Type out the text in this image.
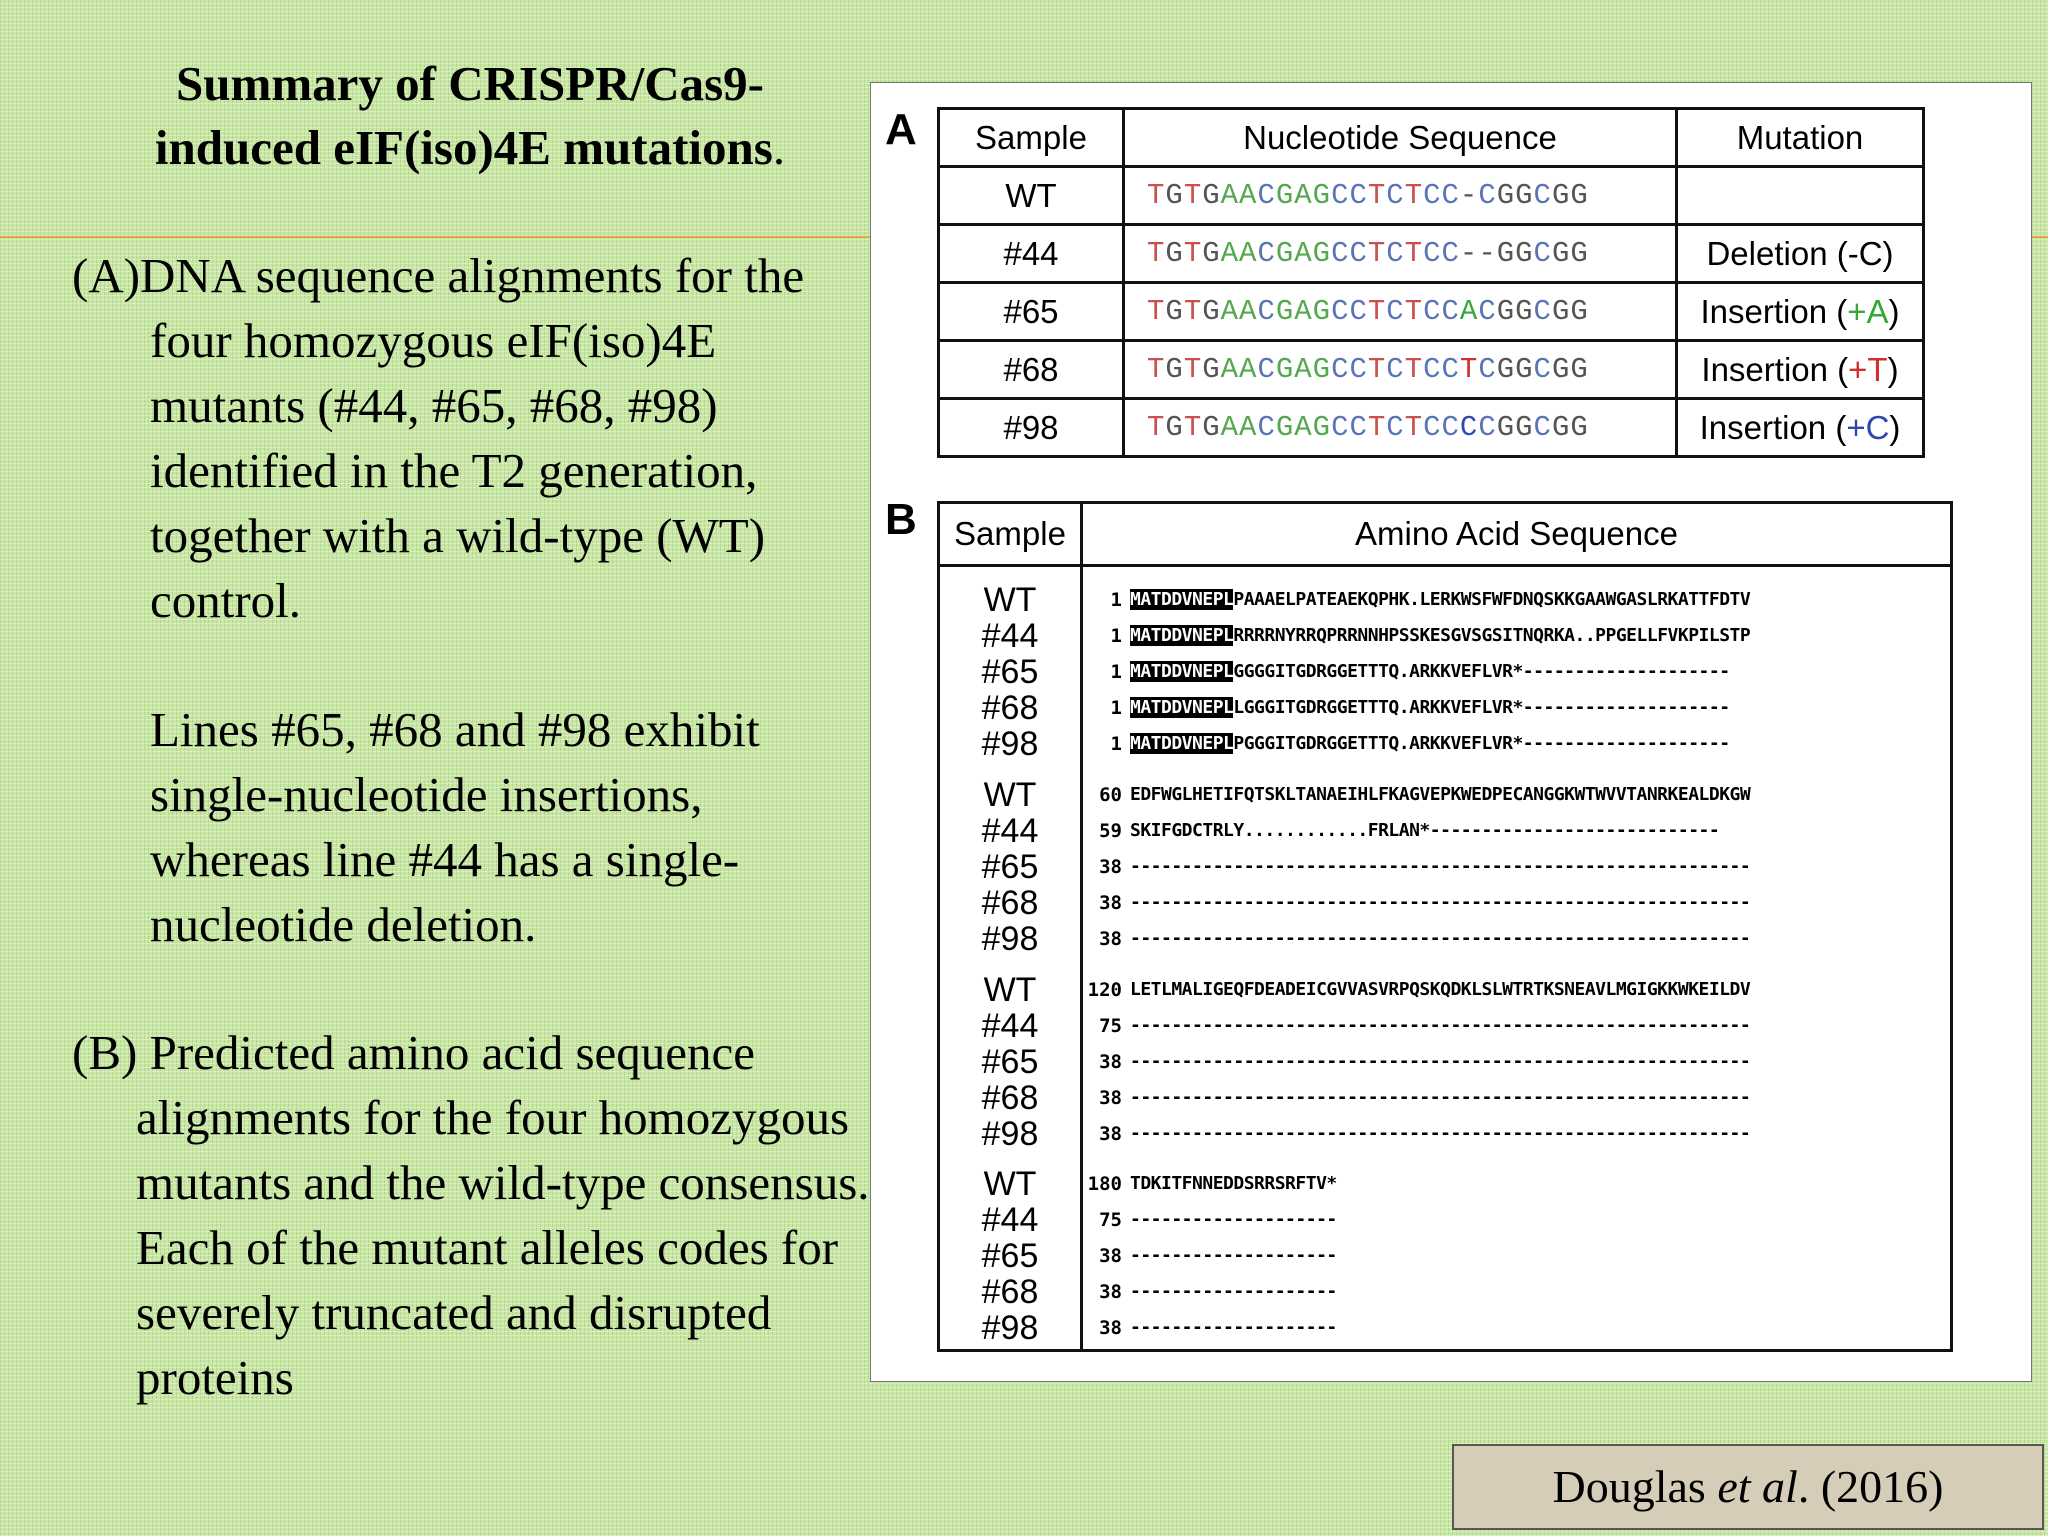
Summary of CRISPR/Cas9-
induced eIF(iso)4E mutations.

(A)DNA sequence alignments for the four homozygous eIF(iso)4E mutants (#44, #65, #68, #98) identified in the T2 generation, together with a wild-type (WT) control.

Lines #65, #68 and #98 exhibit single-nucleotide insertions, whereas line #44 has a single-nucleotide deletion.

(B) Predicted amino acid sequence alignments for the four homozygous mutants and the wild-type consensus. Each of the mutant alleles codes for severely truncated and disrupted proteins

A Sample	Nucleotide Sequence	Mutation
WT	TGTGAACGAGCCTCTCC-CGGCGG	
#44	TGTGAACGAGCCTCTCC--GGCGG	Deletion (-C)
#65	TGTGAACGAGCCTCTCCACGGCGG	Insertion (+A)
#68	TGTGAACGAGCCTCTCCTCGGCGG	Insertion (+T)
#98	TGTGAACGAGCCTCTCCCCGGCGG	Insertion (+C)
B	Sample	Amino Acid Sequence
WT	1 MATDDVNEPLPAAAELPATEAEKQPHK.LERKWSFWFDNQSKKGAAWGASLRKATTFDTV
#44	1 MATDDVNEPLRRRRNYRRQPRRNNHPSSKESGVSGSITNQRKA..PPGELLFVKPILSTP
#65	1 MATDDVNEPLGGGGITGDRGGETTTQ.ARKKVEFLVR*--------------------
#68	1 MATDDVNEPLLGGGITGDRGGETTTQ.ARKKVEFLVR*--------------------
#98	1 MATDDVNEPLPGGGITGDRGGETTTQ.ARKKVEFLVR*--------------------
WT	60 EDFWGLHETIFQTSKLTANAEIHLFKAGVEPKWEDPECANGGKWTWVVTANRKEALDKGW
#44	59 SKIFGDCTRLY............FRLAN*----------------------------
#65	38 ------------------------------------------------------------
#68	38 ------------------------------------------------------------
#98	38 ------------------------------------------------------------
WT	120 LETLMALIGEQFDEADEICGVVASVRPQSKQDKLSLWTRTKSNEAVLMGIGKKWKEILDV
#44	75 ------------------------------------------------------------
#65	38 ------------------------------------------------------------
#68	38 ------------------------------------------------------------
#98	38 ------------------------------------------------------------
WT	180 TDKITFNNEDDSRRSRFTV*
#44	75 --------------------
#65	38 --------------------
#68	38 --------------------
#98	38 --------------------
Douglas et al. (2016)
